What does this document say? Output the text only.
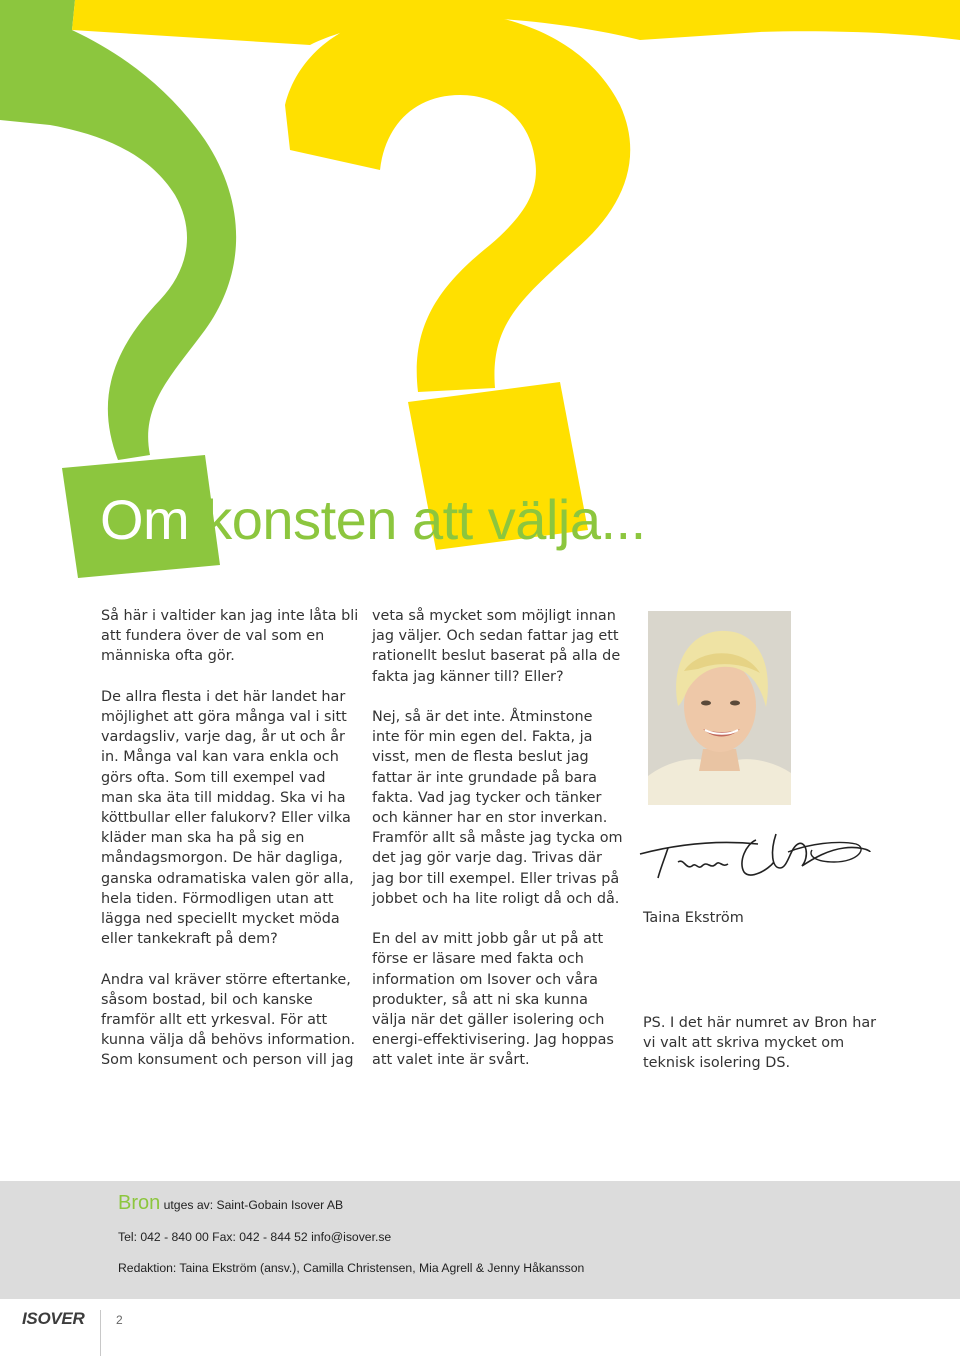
Om konsten att välja...

Så här i valtider kan jag inte låta bli att fundera över de val som en människa ofta gör.

De allra flesta i det här landet har möjlighet att göra många val i sitt vardagsliv, varje dag, år ut och år in. Många val kan vara enkla och görs ofta. Som till exempel vad man ska äta till middag. Ska vi ha köttbullar eller falukorv? Eller vilka kläder man ska ha på sig en måndagsmorgon. De här dagliga, ganska odramatiska valen gör alla, hela tiden. Förmodligen utan att lägga ned speciellt mycket möda eller tankekraft på dem?

Andra val kräver större eftertanke, såsom bostad, bil och kanske framför allt ett yrkesval. För att kunna välja då behövs information. Som konsument och person vill jag

veta så mycket som möjligt innan jag väljer. Och sedan fattar jag ett rationellt beslut baserat på alla de fakta jag känner till? Eller?

Nej, så är det inte. Åtminstone inte för min egen del. Fakta, ja visst, men de flesta beslut jag fattar är inte grundade på bara fakta. Vad jag tycker och tänker och känner har en stor inverkan. Framför allt så måste jag tycka om det jag gör varje dag. Trivas där jag bor till exempel. Eller trivas på jobbet och ha lite roligt då och då.

En del av mitt jobb går ut på att förse er läsare med fakta och information om Isover och våra produkter, så att ni ska kunna välja när det gäller isolering och energi-effektivisering. Jag hoppas att valet inte är svårt.

Taina Ekström

PS. I det här numret av Bron har vi valt att skriva mycket om teknisk isolering DS.

Bron utges av: Saint-Gobain Isover AB
Tel: 042 - 840 00 Fax: 042 - 844 52 info@isover.se
Redaktion: Taina Ekström (ansv.), Camilla Christensen, Mia Agrell & Jenny Håkansson
ISOVER	2
